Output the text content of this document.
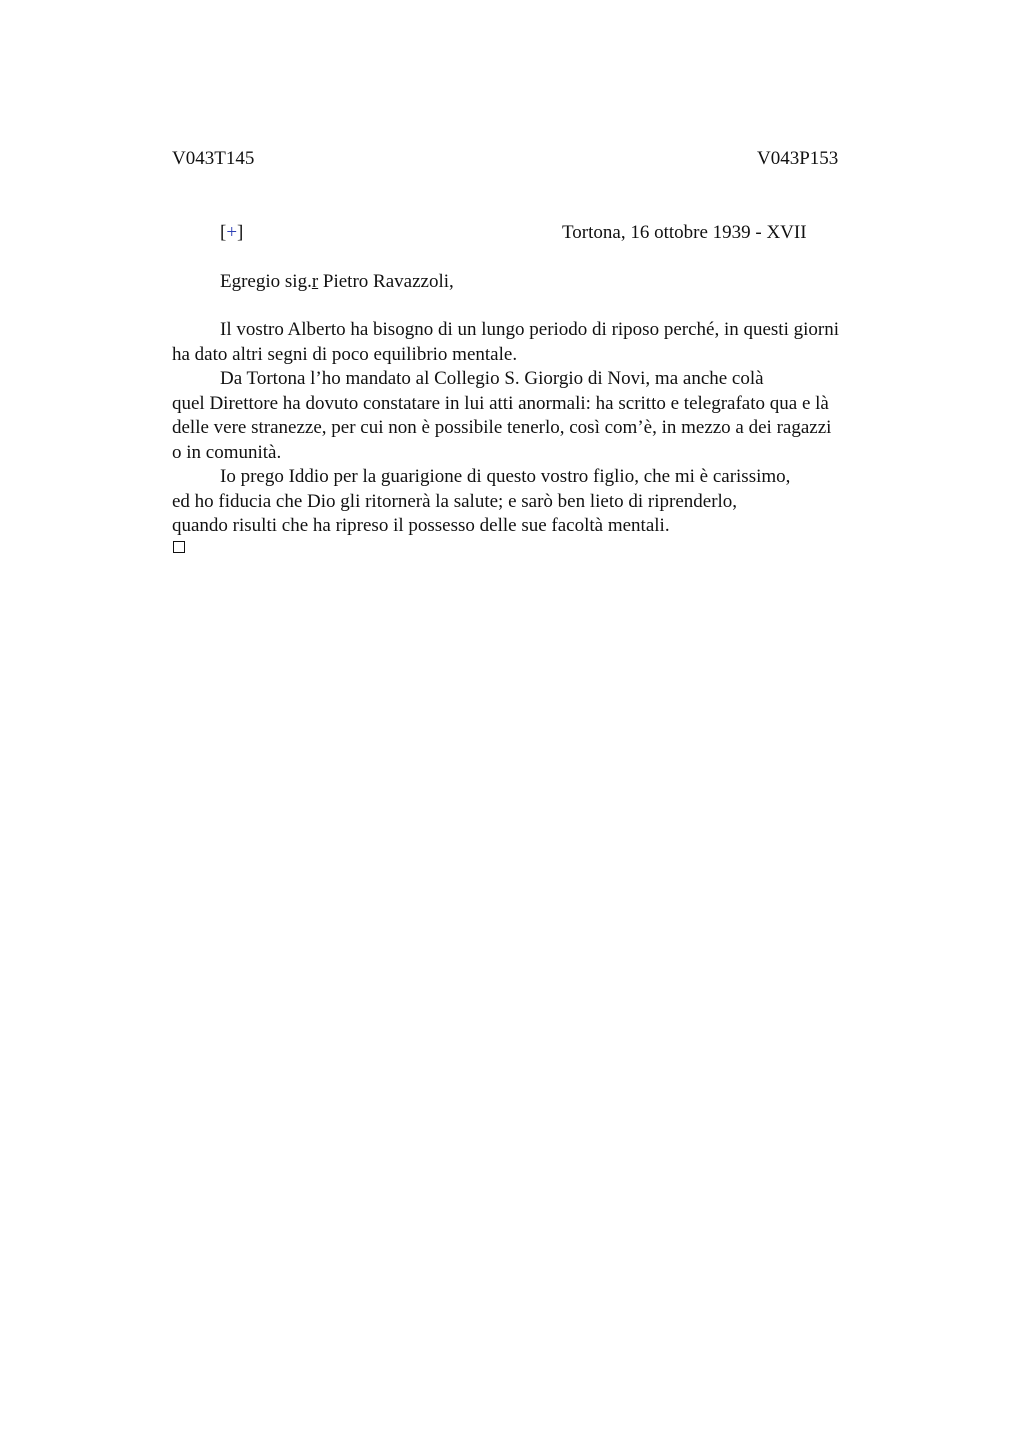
V043T145	V043P153
[+]	Tortona, 16 ottobre 1939 - XVII
Egregio sig.r Pietro Ravazzoli,
Il vostro Alberto ha bisogno di un lungo periodo di riposo perché, in questi giorni
ha dato altri segni di poco equilibrio mentale.
Da Tortona l’ho mandato al Collegio S. Giorgio di Novi, ma anche colà
quel Direttore ha dovuto constatare in lui atti anormali: ha scritto e telegrafato qua e là
delle vere stranezze, per cui non è possibile tenerlo, così com’è, in mezzo a dei ragazzi
o in comunità.
Io prego Iddio per la guarigione di questo vostro figlio, che mi è carissimo,
ed ho fiducia che Dio gli ritornerà la salute; e sarò ben lieto di riprenderlo,
quando risulti che ha ripreso il possesso delle sue facoltà mentali.
